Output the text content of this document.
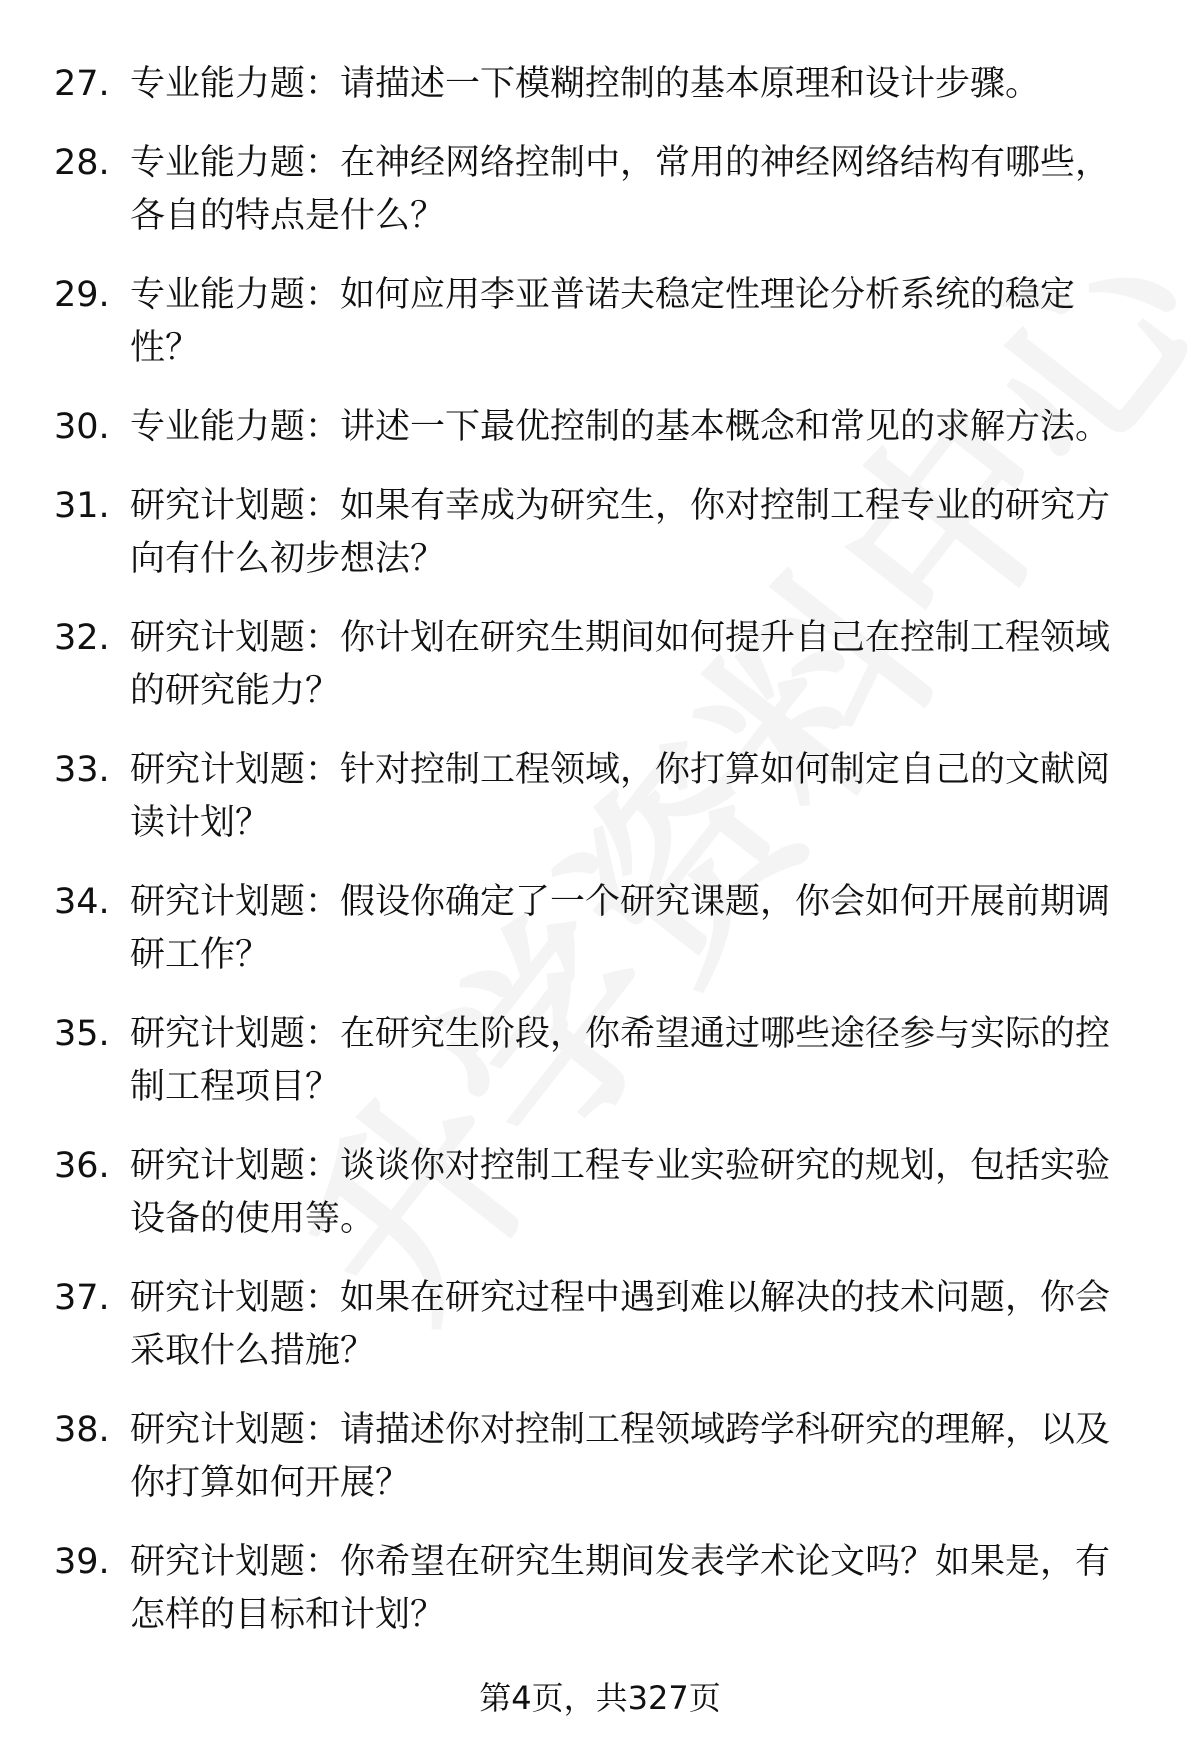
27. 专业能力题：请描述一下模糊控制的基本原理和设计步骤。
28. 专业能力题：在神经网络控制中，常用的神经网络结构有哪些，各自的特点是什么？
29. 专业能力题：如何应用李亚普诺夫稳定性理论分析系统的稳定性？
30. 专业能力题：讲述一下最优控制的基本概念和常见的求解方法。
31. 研究计划题：如果有幸成为研究生，你对控制工程专业的研究方向有什么初步想法？
32. 研究计划题：你计划在研究生期间如何提升自己在控制工程领域的研究能力？
33. 研究计划题：针对控制工程领域，你打算如何制定自己的文献阅读计划？
34. 研究计划题：假设你确定了一个研究课题，你会如何开展前期调研工作？
35. 研究计划题：在研究生阶段，你希望通过哪些途径参与实际的控制工程项目？
36. 研究计划题：谈谈你对控制工程专业实验研究的规划，包括实验设备的使用等。
37. 研究计划题：如果在研究过程中遇到难以解决的技术问题，你会采取什么措施？
38. 研究计划题：请描述你对控制工程领域跨学科研究的理解，以及你打算如何开展？
39. 研究计划题：你希望在研究生期间发表学术论文吗？如果是，有怎样的目标和计划？
第4页，共327页
